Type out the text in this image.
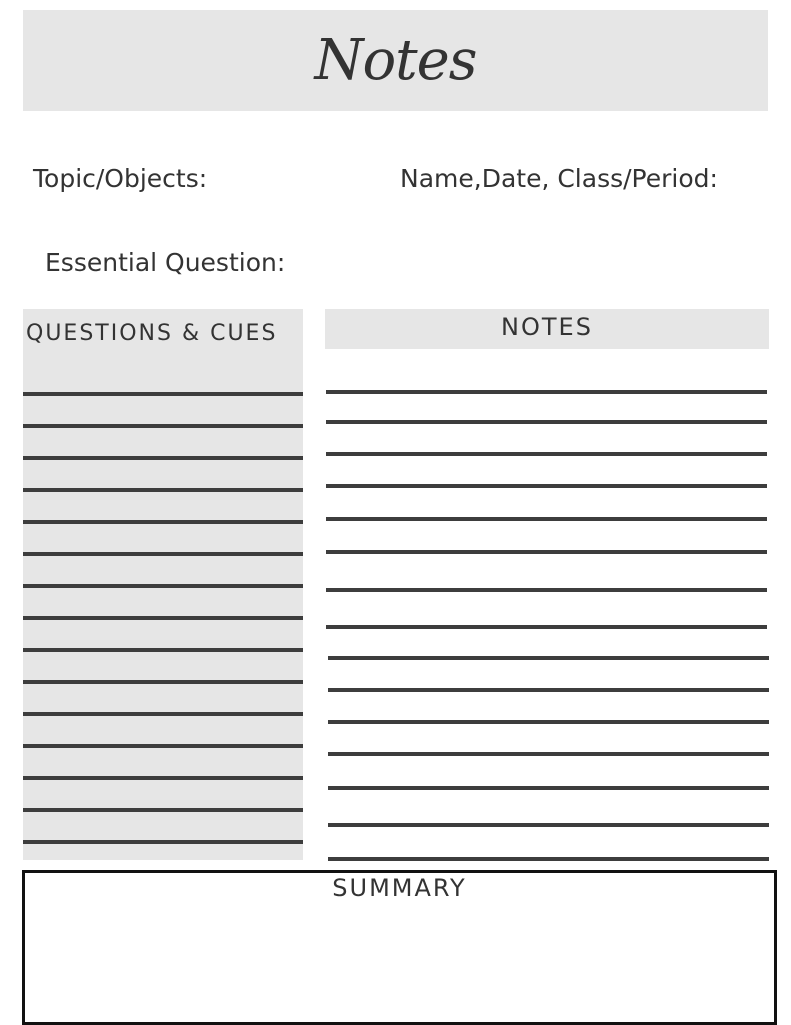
Notes
Topic/Objects:	Name,Date, Class/Period:
Essential Question:
QUESTIONS & CUES	NOTES
SUMMARY
